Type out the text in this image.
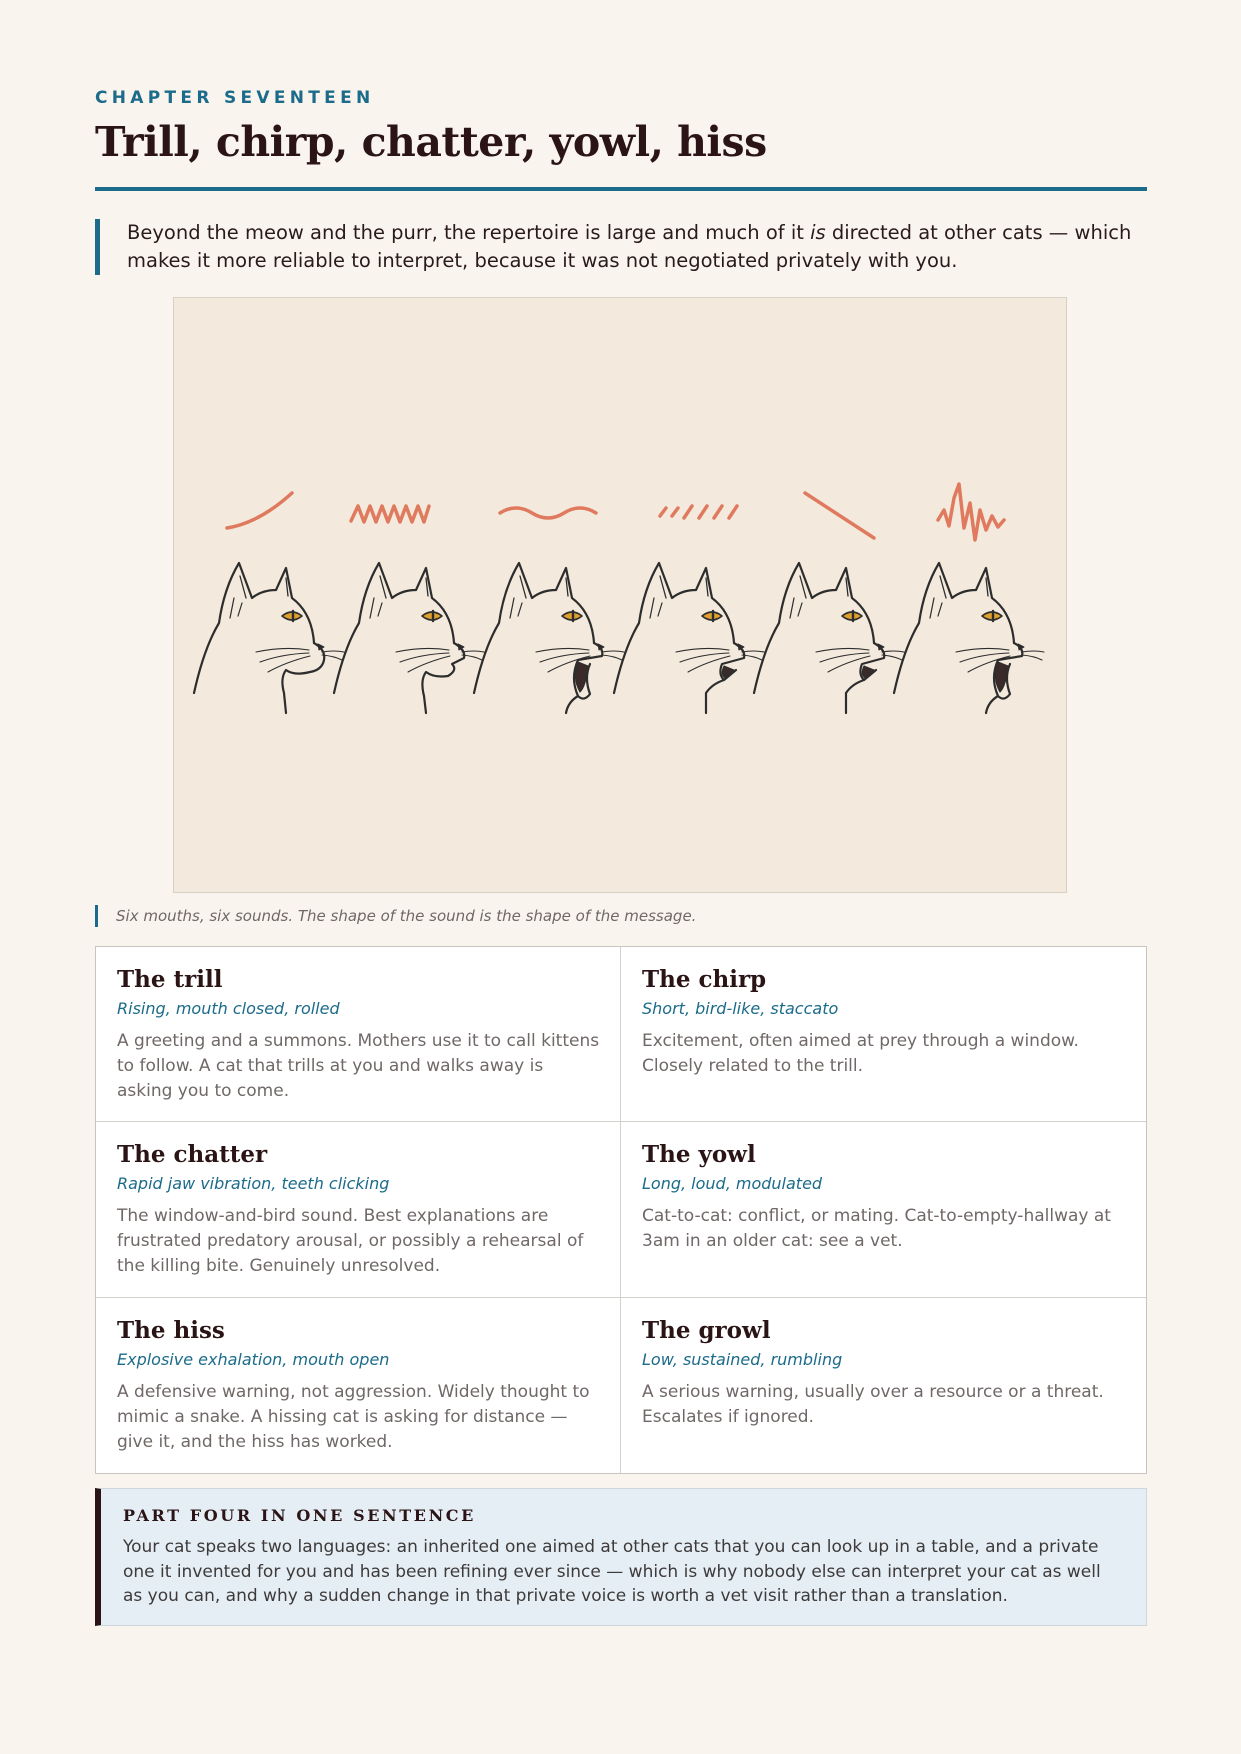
CHAPTER SEVENTEEN
Trill, chirp, chatter, yowl, hiss
Beyond the meow and the purr, the repertoire is large and much of it is directed at other cats — which makes it more reliable to interpret, because it was not negotiated privately with you.
Six mouths, six sounds. The shape of the sound is the shape of the message.
The trill
Rising, mouth closed, rolled
A greeting and a summons. Mothers use it to call kittens to follow. A cat that trills at you and walks away is asking you to come.
The chirp
Short, bird-like, staccato
Excitement, often aimed at prey through a window. Closely related to the trill.
The chatter
Rapid jaw vibration, teeth clicking
The window-and-bird sound. Best explanations are frustrated predatory arousal, or possibly a rehearsal of the killing bite. Genuinely unresolved.
The yowl
Long, loud, modulated
Cat-to-cat: conflict, or mating. Cat-to-empty-hallway at 3am in an older cat: see a vet.
The hiss
Explosive exhalation, mouth open
A defensive warning, not aggression. Widely thought to mimic a snake. A hissing cat is asking for distance — give it, and the hiss has worked.
The growl
Low, sustained, rumbling
A serious warning, usually over a resource or a threat. Escalates if ignored.
PART FOUR IN ONE SENTENCE
Your cat speaks two languages: an inherited one aimed at other cats that you can look up in a table, and a private one it invented for you and has been refining ever since — which is why nobody else can interpret your cat as well as you can, and why a sudden change in that private voice is worth a vet visit rather than a translation.
